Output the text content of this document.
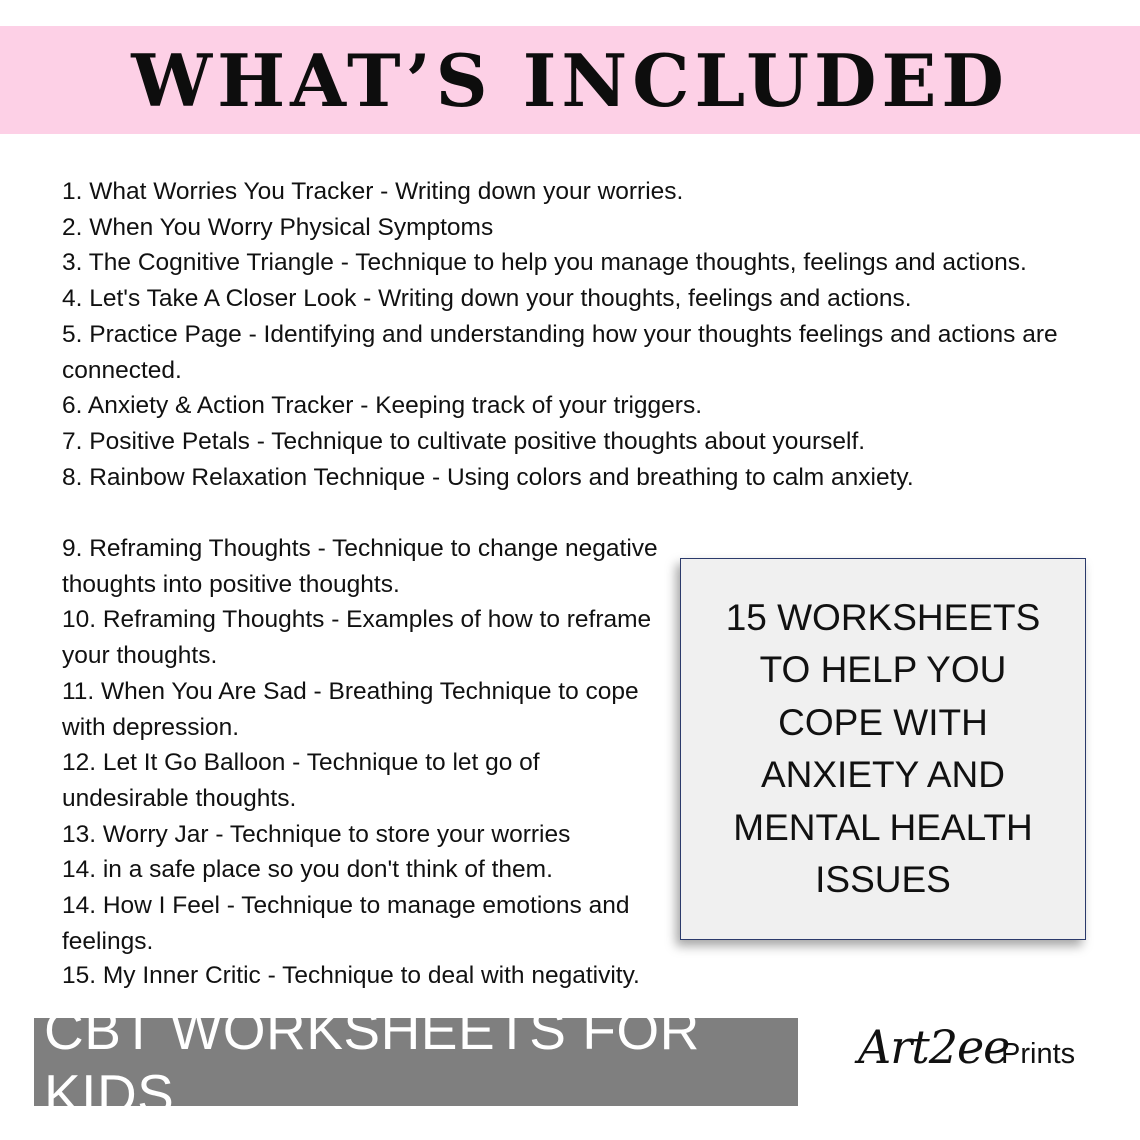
WHAT’S INCLUDED

1. What Worries You Tracker - Writing down your worries.

2. When You Worry Physical Symptoms

3. The Cognitive Triangle - Technique to help you manage thoughts, feelings and actions.

4. Let's Take A Closer Look - Writing down your thoughts, feelings and actions.

5. Practice Page - Identifying and understanding how your thoughts feelings and actions are connected.

6. Anxiety & Action Tracker - Keeping track of your triggers.

7. Positive Petals - Technique to cultivate positive thoughts about yourself.

8. Rainbow Relaxation Technique - Using colors and breathing to calm anxiety.

9. Reframing Thoughts - Technique to change negative thoughts into positive thoughts.

10. Reframing Thoughts - Examples of how to reframe your thoughts.

11. When You Are Sad - Breathing Technique to cope with depression.

12. Let It Go Balloon - Technique to let go of undesirable thoughts.

13. Worry Jar - Technique to store your worries

14. in a safe place so you don't think of them.

14. How I Feel - Technique to manage emotions and feelings.

15. My Inner Critic - Technique to deal with negativity.

15 WORKSHEETS
TO HELP YOU
COPE WITH
ANXIETY AND
MENTAL HEALTH
ISSUES
CBT WORKSHEETS FOR KIDS
Art2ee
Prints
